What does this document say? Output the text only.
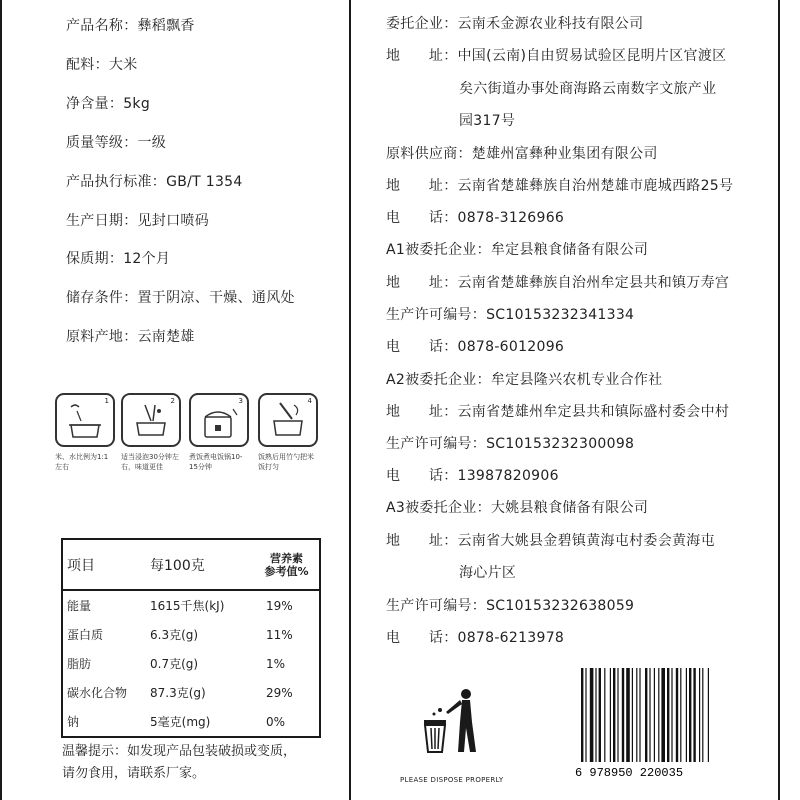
产品名称：彝稻飘香
配料：大米
净含量：5kg
质量等级：一级
产品执行标准：GB/T 1354
生产日期：见封口喷码
保质期：12个月
储存条件：置于阴凉、干燥、通风处
原料产地：云南楚雄
1
米、水比例为1:1左右
2
适当浸泡30分钟左右，味道更佳
3
煮饭煮电饭锅10-15分钟
4
饭熟后用竹勺把米饭打匀
项目	每100克	营养素
参考值%
能量	1615千焦(kJ)	19%
蛋白质	6.3克(g)	11%
脂肪	0.7克(g)	1%
碳水化合物	87.3克(g)	29%
钠	5毫克(mg)	0%
温馨提示：如发现产品包装破损或变质，
请勿食用，请联系厂家。
委托企业：云南禾金源农业科技有限公司
地　　址：中国(云南)自由贸易试验区昆明片区官渡区
矣六街道办事处商海路云南数字文旅产业
园317号
原料供应商：楚雄州富彝种业集团有限公司
地　　址：云南省楚雄彝族自治州楚雄市鹿城西路25号
电　　话：0878-3126966
A1被委托企业：牟定县粮食储备有限公司
地　　址：云南省楚雄彝族自治州牟定县共和镇万寿宫
生产许可编号：SC10153232341334
电　　话：0878-6012096
A2被委托企业：牟定县隆兴农机专业合作社
地　　址：云南省楚雄州牟定县共和镇际盛村委会中村
生产许可编号：SC10153232300098
电　　话：13987820906
A3被委托企业：大姚县粮食储备有限公司
地　　址：云南省大姚县金碧镇黄海屯村委会黄海屯
海心片区
生产许可编号：SC10153232638059
电　　话：0878-6213978
PLEASE DISPOSE PROPERLY	6 978950 220035
